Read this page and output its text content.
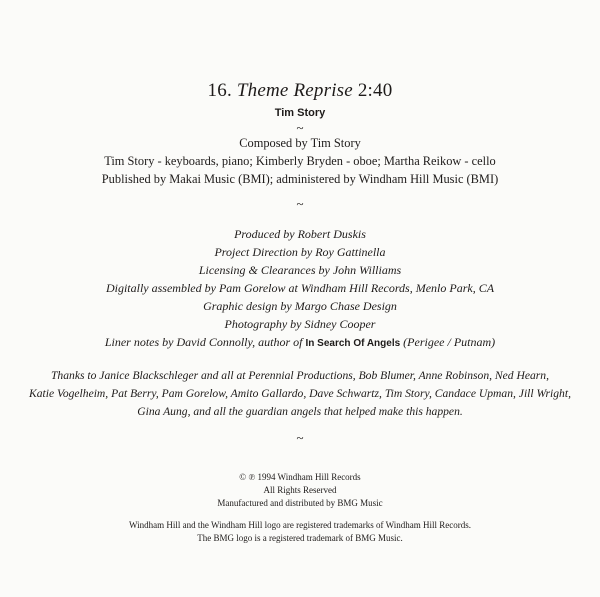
16. Theme Reprise 2:40
Tim Story
~
Composed by Tim Story
Tim Story - keyboards, piano; Kimberly Bryden - oboe; Martha Reikow - cello
Published by Makai Music (BMI); administered by Windham Hill Music (BMI)
~
Produced by Robert Duskis
Project Direction by Roy Gattinella
Licensing & Clearances by John Williams
Digitally assembled by Pam Gorelow at Windham Hill Records, Menlo Park, CA
Graphic design by Margo Chase Design
Photography by Sidney Cooper
Liner notes by David Connolly, author of In Search Of Angels (Perigee / Putnam)
Thanks to Janice Blackschleger and all at Perennial Productions, Bob Blumer, Anne Robinson, Ned Hearn,
Katie Vogelheim, Pat Berry, Pam Gorelow, Amito Gallardo, Dave Schwartz, Tim Story, Candace Upman, Jill Wright,
Gina Aung, and all the guardian angels that helped make this happen.
~
© ℗ 1994 Windham Hill Records
All Rights Reserved
Manufactured and distributed by BMG Music
Windham Hill and the Windham Hill logo are registered trademarks of Windham Hill Records.
The BMG logo is a registered trademark of BMG Music.
